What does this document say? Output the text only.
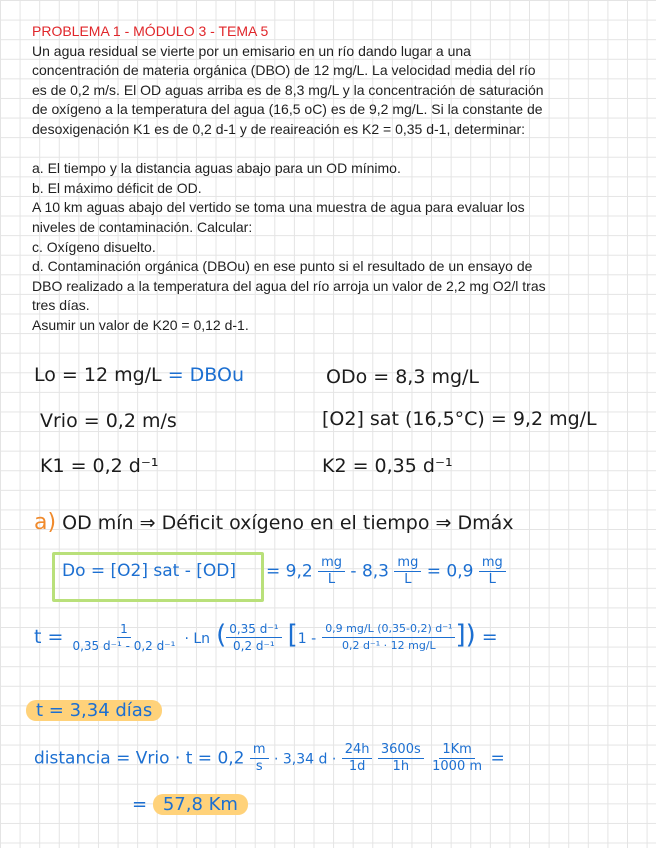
PROBLEMA 1 - MÓDULO 3 - TEMA 5

Un agua residual se vierte por un emisario en un río dando lugar a una

concentración de materia orgánica (DBO) de 12 mg/L. La velocidad media del río

es de 0,2 m/s. El OD aguas arriba es de 8,3 mg/L y la concentración de saturación

de oxígeno a la temperatura del agua (16,5 oC) es de 9,2 mg/L. Si la constante de

desoxigenación K1 es de 0,2 d-1 y de reaireación es K2 = 0,35 d-1, determinar:

a. El tiempo y la distancia aguas abajo para un OD mínimo.

b. El máximo déficit de OD.

A 10 km aguas abajo del vertido se toma una muestra de agua para evaluar los

niveles de contaminación. Calcular:

c. Oxígeno disuelto.

d. Contaminación orgánica (DBOu) en ese punto si el resultado de un ensayo de

DBO realizado a la temperatura del agua del río arroja un valor de 2,2 mg O2/l tras

tres días.

Asumir un valor de K20 = 0,12 d-1.

Lo = 12 mg/L = DBOu	ODo = 8,3 mg/L
Vrio = 0,2 m/s	[O2] sat (16,5°C) = 9,2 mg/L
K1 = 0,2 d⁻¹	K2 = 0,35 d⁻¹
a) OD mín ⇒ Déficit oxígeno en el tiempo ⇒ Dmáx
Do = [O2] sat - $[OD] = 9,2 \frac{mg}{L} - 8,3 \frac{mg}{L} = 0,9 \frac{mg}{L}$
$t = \frac{1}{\text{0,35 d⁻¹ - 0,2 d⁻¹}} \cdot Ln$ ( $\frac{\text{0,35 d⁻¹}}{\text{0,2 d⁻¹}} [1 - \frac{\text{0,9 mg/L (0,35-0,2) d⁻¹}}{\text{0,2 d⁻¹ · 12 mg/L}}$ ]) =
t = 3,34 días
distancia = Vrio · $t = 0,2 \frac{m}{s} \cdot 3,34$ $d \cdot \frac{24h}{1d}$
$\frac{3600s}{1h}$
$\frac{1Km}{1000 m}$ =
= 57,8 Km
